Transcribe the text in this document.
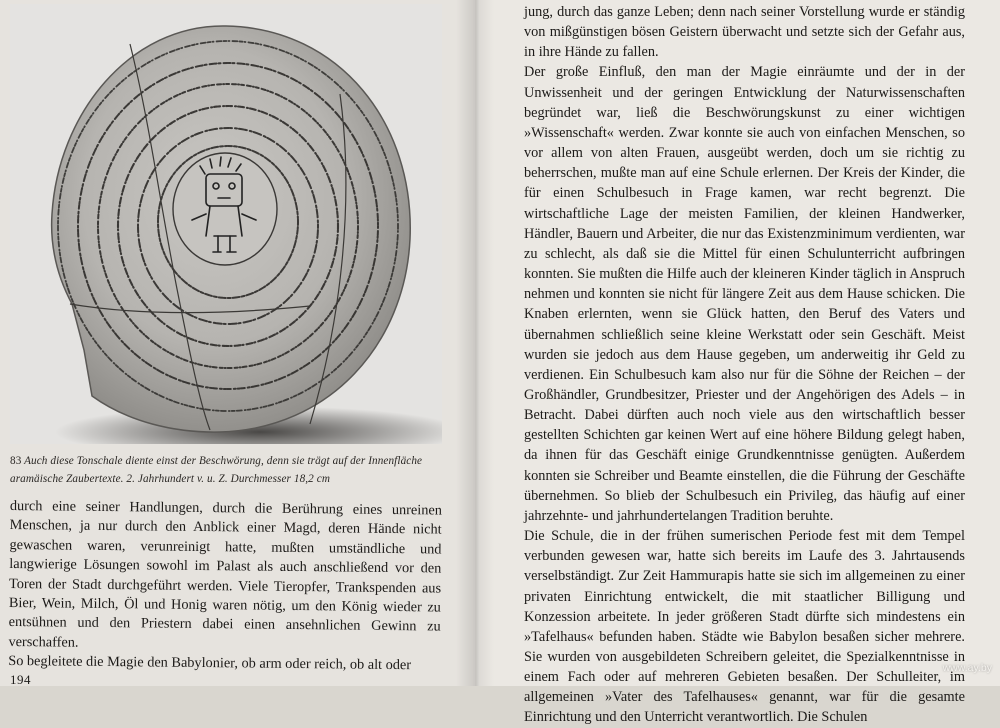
83 Auch diese Tonschale diente einst der Beschwörung, denn sie trägt auf der Innenfläche aramäische Zaubertexte. 2. Jahrhundert v. u. Z. Durchmesser 18,2 cm

durch eine seiner Handlungen, durch die Berührung eines unreinen Menschen, ja nur durch den Anblick einer Magd, deren Hände nicht gewaschen waren, verunreinigt hatte, mußten umständliche und langwierige Lösungen sowohl im Palast als auch anschließend vor den Toren der Stadt durchgeführt werden. Viele Tieropfer, Trankspenden aus Bier, Wein, Milch, Öl und Honig waren nötig, um den König wieder zu entsühnen und den Priestern dabei einen ansehnlichen Gewinn zu verschaffen.

So begleitete die Magie den Babylonier, ob arm oder reich, ob alt oder

194

jung, durch das ganze Leben; denn nach seiner Vorstellung wurde er ständig von mißgünstigen bösen Geistern überwacht und setzte sich der Gefahr aus, in ihre Hände zu fallen.

Der große Einfluß, den man der Magie einräumte und der in der Unwissenheit und der geringen Entwicklung der Naturwissenschaften begründet war, ließ die Beschwörungskunst zu einer wichtigen »Wissenschaft« werden. Zwar konnte sie auch von einfachen Menschen, so vor allem von alten Frauen, ausgeübt werden, doch um sie richtig zu beherrschen, mußte man auf eine Schule erlernen. Der Kreis der Kinder, die für einen Schulbesuch in Frage kamen, war recht begrenzt. Die wirtschaftliche Lage der meisten Familien, der kleinen Handwerker, Händler, Bauern und Arbeiter, die nur das Existenzminimum verdienten, war zu schlecht, als daß sie die Mittel für einen Schulunterricht aufbringen konnten. Sie mußten die Hilfe auch der kleineren Kinder täglich in Anspruch nehmen und konnten sie nicht für längere Zeit aus dem Hause schicken. Die Knaben erlernten, wenn sie Glück hatten, den Beruf des Vaters und übernahmen schließlich seine kleine Werkstatt oder sein Geschäft. Meist wurden sie jedoch aus dem Hause gegeben, um anderweitig ihr Geld zu verdienen. Ein Schulbesuch kam also nur für die Söhne der Reichen – der Großhändler, Grundbesitzer, Priester und der Angehörigen des Adels – in Betracht. Dabei dürften auch noch viele aus den wirtschaftlich besser gestellten Schichten gar keinen Wert auf eine höhere Bildung gelegt haben, da ihnen für das Geschäft einige Grundkenntnisse genügten. Außerdem konnten sie Schreiber und Beamte einstellen, die die Führung der Geschäfte übernehmen. So blieb der Schulbesuch ein Privileg, das häufig auf einer jahrzehnte- und jahrhundertelangen Tradition beruhte.

Die Schule, die in der frühen sumerischen Periode fest mit dem Tempel verbunden gewesen war, hatte sich bereits im Laufe des 3. Jahrtausends verselbständigt. Zur Zeit Hammurapis hatte sie sich im allgemeinen zu einer privaten Einrichtung entwickelt, die mit staatlicher Billigung und Konzession arbeitete. In jeder größeren Stadt dürfte sich mindestens ein »Tafelhaus« befunden haben. Städte wie Babylon besaßen sicher mehrere. Sie wurden von ausgebildeten Schreibern geleitet, die Spezialkenntnisse in einem Fach oder auf mehreren Gebieten besaßen. Der Schulleiter, im allgemeinen »Vater des Tafelhauses« genannt, war für die gesamte Einrichtung und den Unterricht verantwortlich. Die Schulen

www.ay.by
